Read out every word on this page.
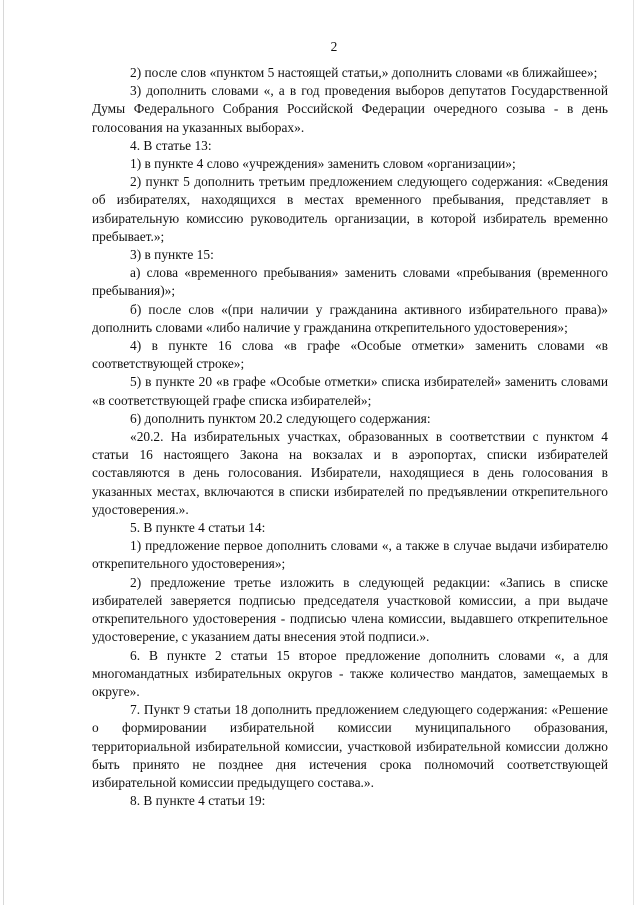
2

2) после слов «пунктом 5 настоящей статьи,» дополнить словами «в ближайшее»;

3) дополнить словами «, а в год проведения выборов депутатов Государственной Думы Федерального Собрания Российской Федерации очередного созыва - в день голосования на указанных выборах».

4. В статье 13:

1) в пункте 4 слово «учреждения» заменить словом «организации»;

2) пункт 5 дополнить третьим предложением следующего содержания: «Сведения об избирателях, находящихся в местах временного пребывания, представляет в избирательную комиссию руководитель организации, в которой избиратель временно пребывает.»;

3) в пункте 15:

а) слова «временного пребывания» заменить словами «пребывания (временного пребывания)»;

б) после слов «(при наличии у гражданина активного избирательного права)» дополнить словами «либо наличие у гражданина открепительного удостоверения»;

4) в пункте 16 слова «в графе «Особые отметки» заменить словами «в соответствующей строке»;

5) в пункте 20 «в графе «Особые отметки» списка избирателей» заменить словами «в соответствующей графе списка избирателей»;

6) дополнить пунктом 20.2 следующего содержания:

«20.2. На избирательных участках, образованных в соответствии с пунктом 4 статьи 16 настоящего Закона на вокзалах и в аэропортах, списки избирателей составляются в день голосования. Избиратели, находящиеся в день голосования в указанных местах, включаются в списки избирателей по предъявлении открепительного удостоверения.».

5. В пункте 4 статьи 14:

1) предложение первое дополнить словами «, а также в случае выдачи избирателю открепительного удостоверения»;

2) предложение третье изложить в следующей редакции: «Запись в списке избирателей заверяется подписью председателя участковой комиссии, а при выдаче открепительного удостоверения - подписью члена комиссии, выдавшего открепительное удостоверение, с указанием даты внесения этой подписи.».

6. В пункте 2 статьи 15 второе предложение дополнить словами «, а для многомандатных избирательных округов - также количество мандатов, замещаемых в округе».

7. Пункт 9 статьи 18 дополнить предложением следующего содержания: «Решение о формировании избирательной комиссии муниципального образования, территориальной избирательной комиссии, участковой избирательной комиссии должно быть принято не позднее дня истечения срока полномочий соответствующей избирательной комиссии предыдущего состава.».

8. В пункте 4 статьи 19:
